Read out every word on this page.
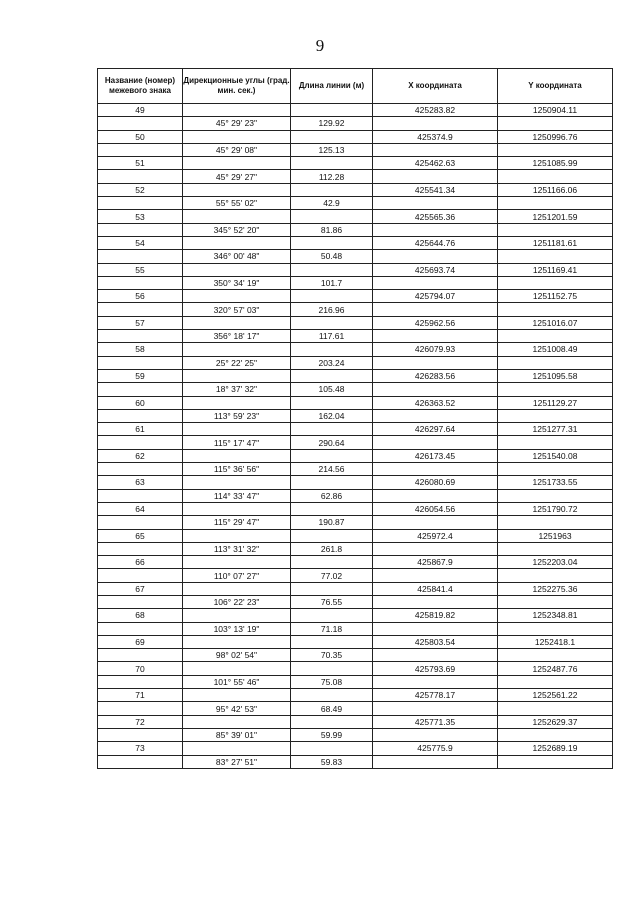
9
Название (номер) межевого знака	Дирекционные углы (град. мин. сек.)	Длина линии (м)	X координата	Y координата
49			425283.82	1250904.11
	45° 29' 23"	129.92		
50			425374.9	1250996.76
	45° 29' 08"	125.13		
51			425462.63	1251085.99
	45° 29' 27"	112.28		
52			425541.34	1251166.06
	55° 55' 02"	42.9		
53			425565.36	1251201.59
	345° 52' 20"	81.86		
54			425644.76	1251181.61
	346° 00' 48"	50.48		
55			425693.74	1251169.41
	350° 34' 19"	101.7		
56			425794.07	1251152.75
	320° 57' 03"	216.96		
57			425962.56	1251016.07
	356° 18' 17"	117.61		
58			426079.93	1251008.49
	25° 22' 25"	203.24		
59			426283.56	1251095.58
	18° 37' 32"	105.48		
60			426363.52	1251129.27
	113° 59' 23"	162.04		
61			426297.64	1251277.31
	115° 17' 47"	290.64		
62			426173.45	1251540.08
	115° 36' 56"	214.56		
63			426080.69	1251733.55
	114° 33' 47"	62.86		
64			426054.56	1251790.72
	115° 29' 47"	190.87		
65			425972.4	1251963
	113° 31' 32"	261.8		
66			425867.9	1252203.04
	110° 07' 27"	77.02		
67			425841.4	1252275.36
	106° 22' 23"	76.55		
68			425819.82	1252348.81
	103° 13' 19"	71.18		
69			425803.54	1252418.1
	98° 02' 54"	70.35		
70			425793.69	1252487.76
	101° 55' 46"	75.08		
71			425778.17	1252561.22
	95° 42' 53"	68.49		
72			425771.35	1252629.37
	85° 39' 01"	59.99		
73			425775.9	1252689.19
	83° 27' 51"	59.83		
